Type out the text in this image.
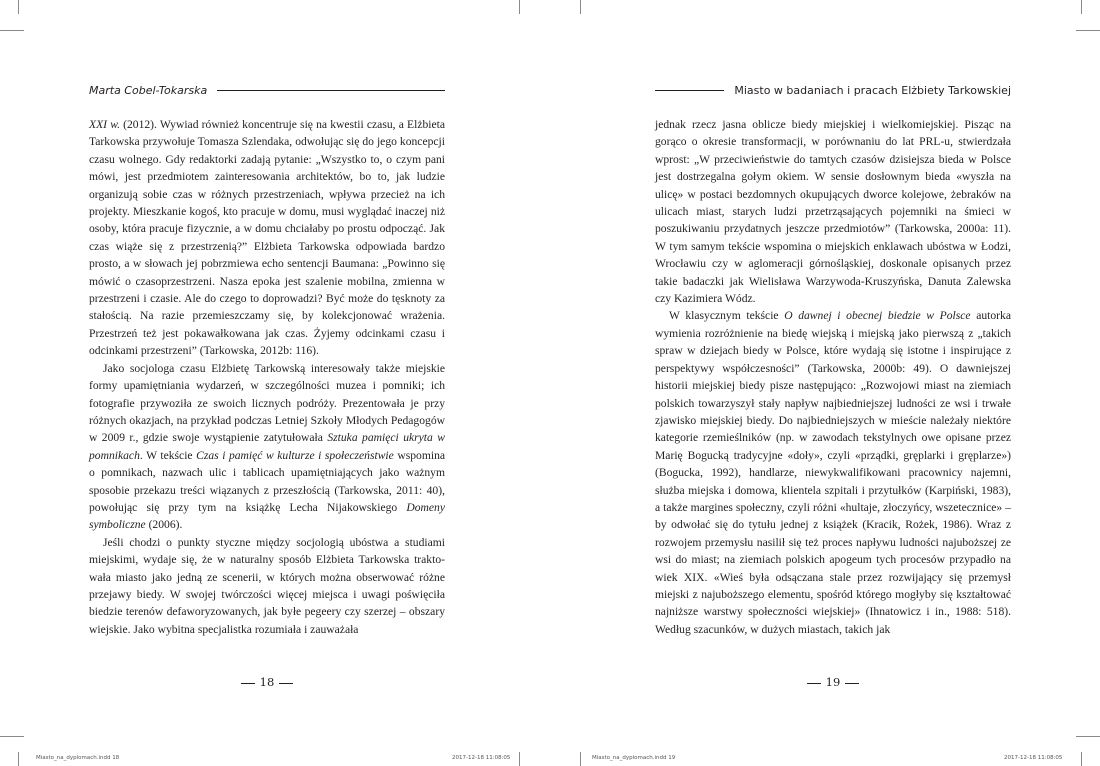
Marta Cobel-Tokarska

XXI w. (2012). Wywiad również koncentruje się na kwestii czasu, a Elżbieta Tarkowska przywołuje Tomasza Szlendaka, odwołując się do jego koncepcji czasu wolnego. Gdy redaktorki zadają pytanie: „Wszystko to, o czym pani mówi, jest przedmiotem zainteresowania architektów, bo to, jak ludzie organizują sobie czas w różnych przestrzeniach, wpływa przecież na ich projekty. Mieszkanie kogoś, kto pracuje w domu, musi wyglądać inaczej niż osoby, która pracuje fizycznie, a w domu chciałaby po prostu odpocząć. Jak czas wiąże się z przestrzenią?” Elżbieta Tarkowska odpowiada bardzo prosto, a w słowach jej pobrzmiewa echo sentencji Baumana: „Powinno się mówić o czasoprzestrzeni. Nasza epoka jest szalenie mobilna, zmienna w przestrzeni i czasie. Ale do czego to doprowadzi? Być może do tęsknoty za stałością. Na razie przemieszczamy się, by kolekcjonować wrażenia. Przestrzeń też jest pokawałkowana jak czas. Żyjemy odcinkami czasu i odcinkami przestrzeni” (Tarkowska, 2012b: 116).

Jako socjologa czasu Elżbietę Tarkowską interesowały także miejskie formy upamiętniania wydarzeń, w szczególności muzea i pomniki; ich fotografie przywoziła ze swoich licznych podróży. Prezentowała je przy różnych okazjach, na przykład podczas Letniej Szkoły Młodych Pedagogów w 2009 r., gdzie swoje wystąpienie zatytułowała Sztuka pamięci ukryta w pomnikach. W tekście Czas i pamięć w kulturze i społeczeństwie wspomina o pomnikach, nazwach ulic i tablicach upamiętniających jako ważnym sposobie przekazu treści wiązanych z przeszłością (Tarkowska, 2011: 40), powołując się przy tym na książkę Lecha Nijakowskiego Domeny symboliczne (2006).

Jeśli chodzi o punkty styczne między socjologią ubóstwa a studiami miejskimi, wydaje się, że w naturalny sposób Elżbieta Tarkowska traktowała miasto jako jedną ze scenerii, w których można obserwować różne przejawy biedy. W swojej twórczości więcej miejsca i uwagi poświęciła biedzie terenów defaworyzowanych, jak byłe pegeery czy szerzej – obszary wiejskie. Jako wybitna specjalistka rozumiała i zauważała

18
Miasto_na_dyplomach.indd 18	2017-12-18 11:08:05
Miasto w badaniach i pracach Elżbiety Tarkowskiej

jednak rzecz jasna oblicze biedy miejskiej i wielkomiejskiej. Pisząc na gorąco o okresie transformacji, w porównaniu do lat PRL-u, stwierdzała wprost: „W przeciwieństwie do tamtych czasów dzisiejsza bieda w Polsce jest dostrzegalna gołym okiem. W sensie dosłownym bieda «wyszła na ulicę» w postaci bezdomnych okupujących dworce kolejowe, żebraków na ulicach miast, starych ludzi przetrząsających pojemniki na śmieci w poszukiwaniu przydatnych jeszcze przedmiotów” (Tarkowska, 2000a: 11). W tym samym tekście wspomina o miejskich enklawach ubóstwa w Łodzi, Wrocławiu czy w aglomeracji górnośląskiej, doskonale opisanych przez takie badaczki jak Wielisława Warzywoda-Kruszyńska, Danuta Zalewska czy Kazimiera Wódz.

W klasycznym tekście O dawnej i obecnej biedzie w Polsce autorka wymienia rozróżnienie na biedę wiejską i miejską jako pierwszą z „takich spraw w dziejach biedy w Polsce, które wydają się istotne i inspirujące z perspektywy współczesności” (Tarkowska, 2000b: 49). O dawniejszej historii miejskiej biedy pisze następująco: „Rozwojowi miast na ziemiach polskich towarzyszył stały napływ najbiedniejszej ludności ze wsi i trwałe zjawisko miejskiej biedy. Do najbiedniejszych w mieście należały niektóre kategorie rzemieślników (np. w zawodach tekstylnych owe opisane przez Marię Bogucką tradycyjne «doły», czyli «prządki, gręplarki i gręplarze») (Bogucka, 1992), handlarze, niewykwalifikowani pracownicy najemni, służba miejska i domowa, klientela szpitali i przytułków (Karpiński, 1983), a także margines społeczny, czyli różni «hultaje, złoczyńcy, wszetecznice» – by odwołać się do tytułu jednej z książek (Kracik, Rożek, 1986). Wraz z rozwojem przemysłu nasilił się też proces napływu ludności najuboższej ze wsi do miast; na ziemiach polskich apogeum tych procesów przypadło na wiek XIX. «Wieś była odsączana stale przez rozwijający się przemysł miejski z najuboższego elementu, spośród którego mogłyby się kształtować najniższe warstwy społeczności wiejskiej» (Ihnatowicz i in., 1988: 518). Według szacunków, w dużych miastach, takich jak

19
Miasto_na_dyplomach.indd 19	2017-12-18 11:08:05
